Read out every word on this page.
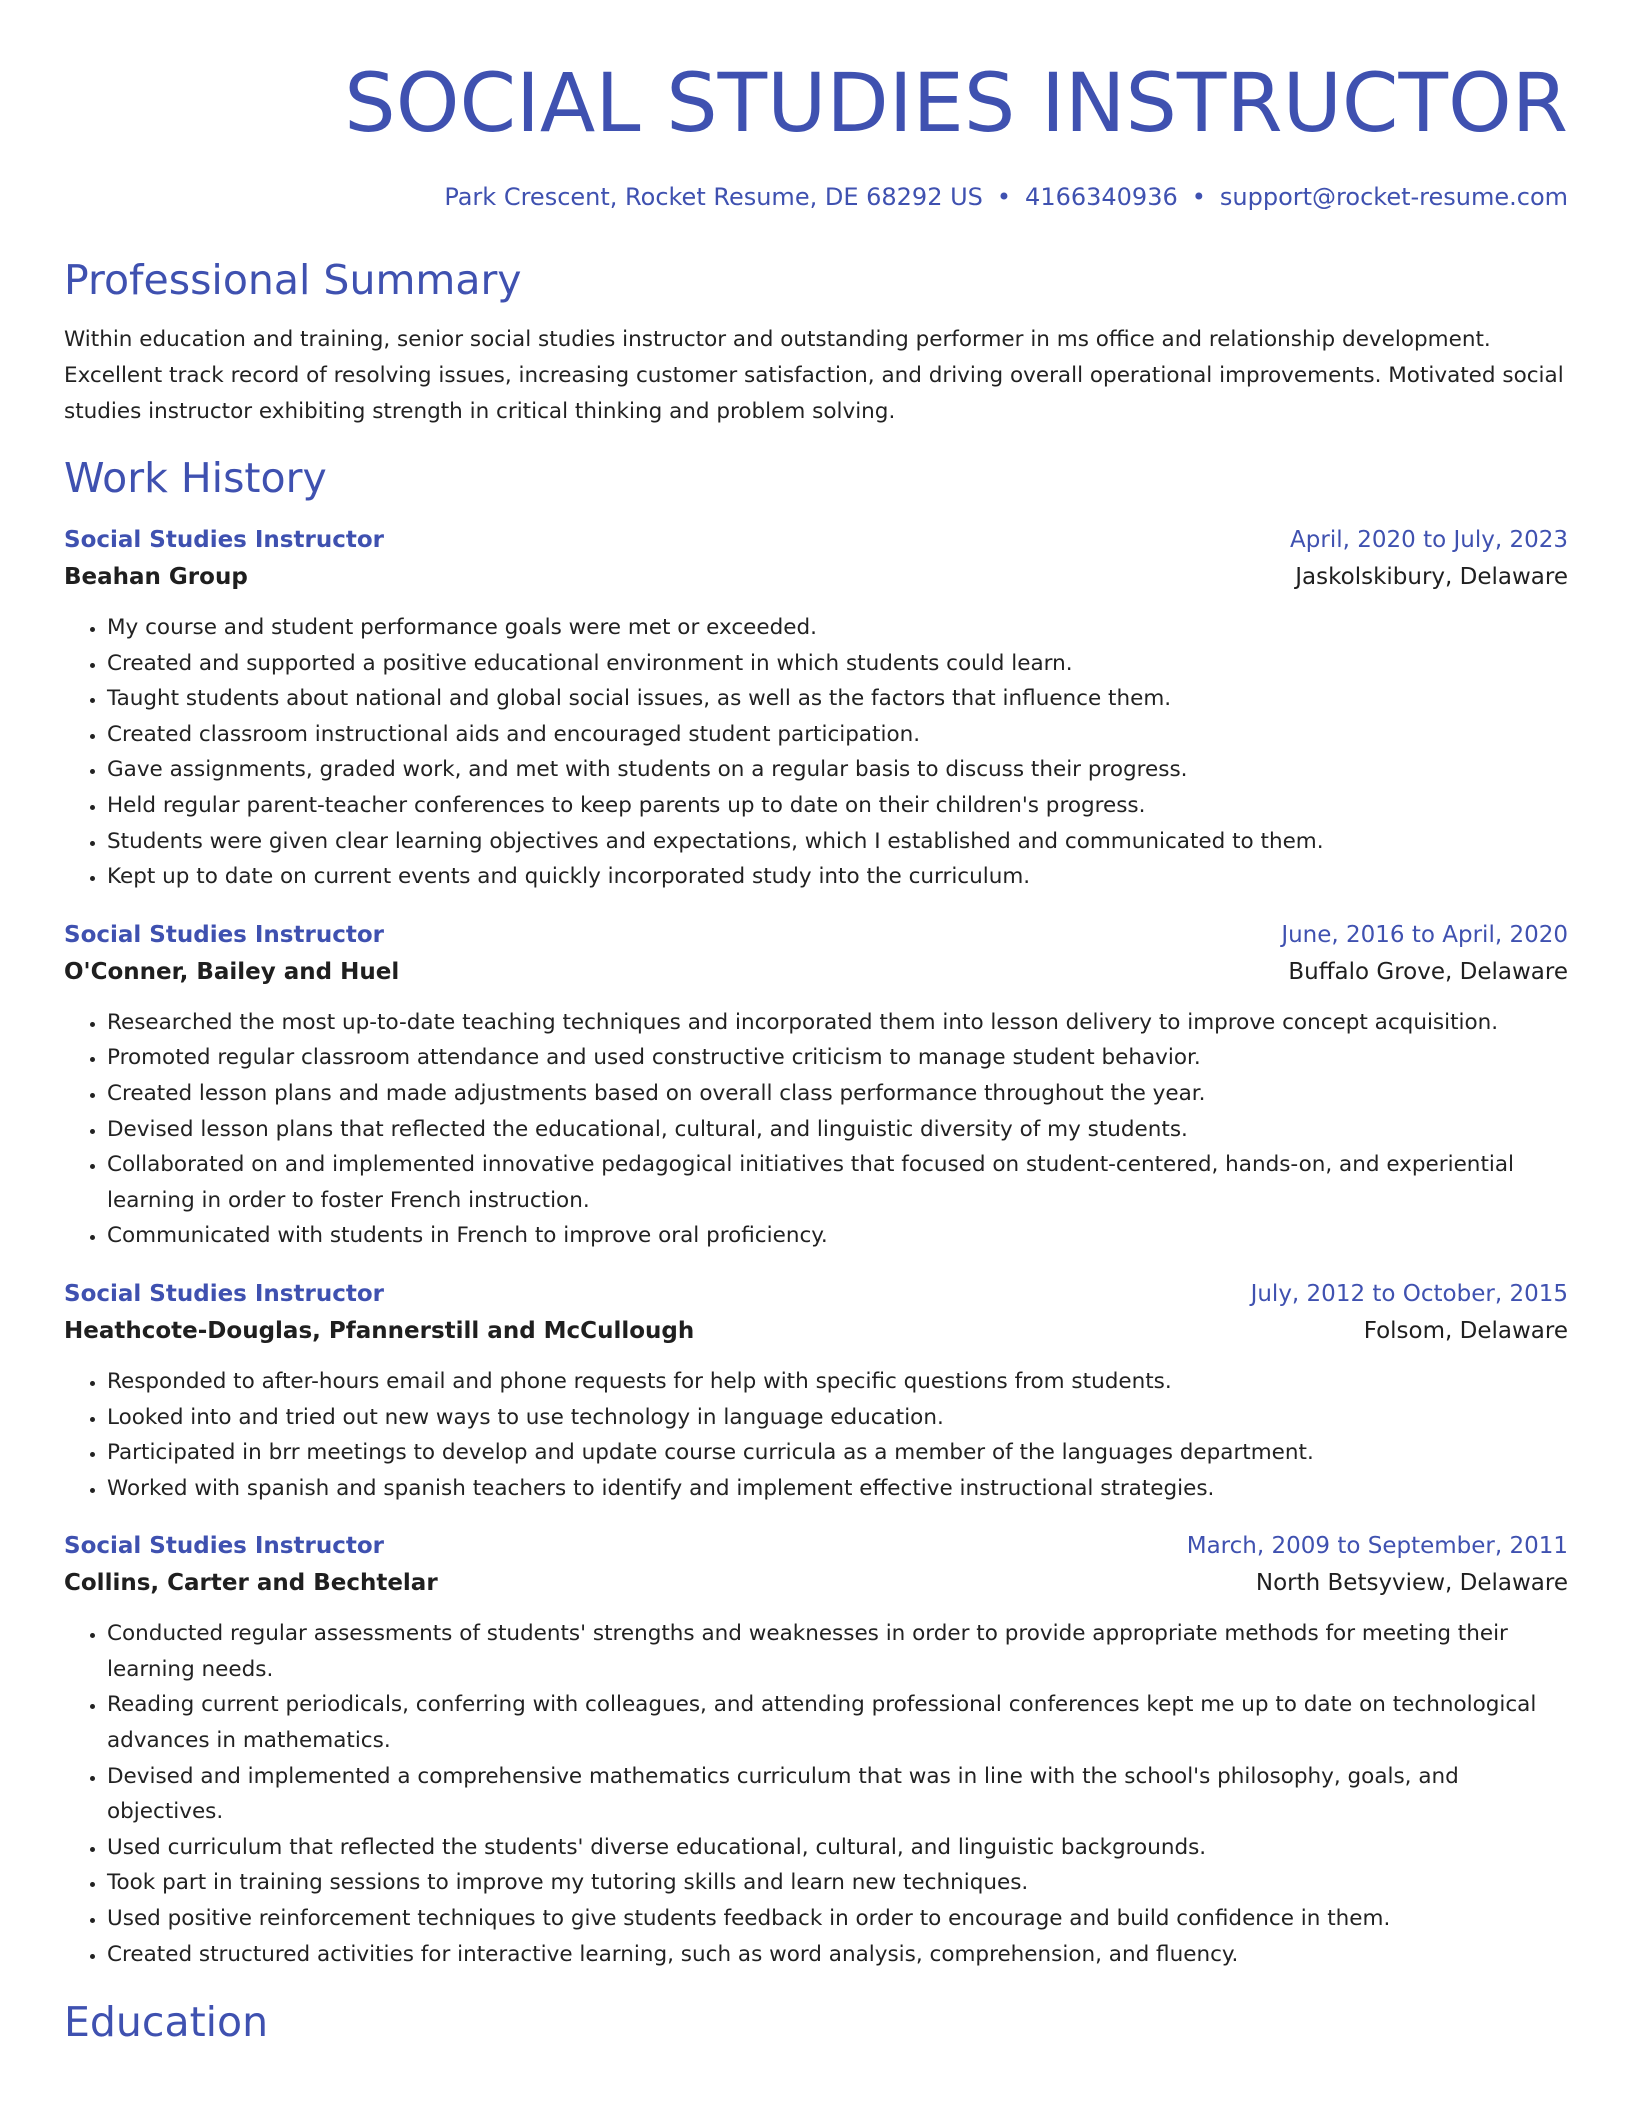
SOCIAL STUDIES INSTRUCTOR
Park Crescent, Rocket Resume, DE 68292 US • 4166340936 • support@rocket-resume.com
Professional Summary

Within education and training, senior social studies instructor and outstanding performer in ms office and relationship development. Excellent track record of resolving issues, increasing customer satisfaction, and driving overall operational improvements. Motivated social studies instructor exhibiting strength in critical thinking and problem solving.

Work History
Social Studies Instructor	April, 2020 to July, 2023
Beahan Group	Jaskolskibury, Delaware
• My course and student performance goals were met or exceeded.
• Created and supported a positive educational environment in which students could learn.
• Taught students about national and global social issues, as well as the factors that influence them.
• Created classroom instructional aids and encouraged student participation.
• Gave assignments, graded work, and met with students on a regular basis to discuss their progress.
• Held regular parent-teacher conferences to keep parents up to date on their children's progress.
• Students were given clear learning objectives and expectations, which I established and communicated to them.
• Kept up to date on current events and quickly incorporated study into the curriculum.
Social Studies Instructor	June, 2016 to April, 2020
O'Conner, Bailey and Huel	Buffalo Grove, Delaware
• Researched the most up-to-date teaching techniques and incorporated them into lesson delivery to improve concept acquisition.
• Promoted regular classroom attendance and used constructive criticism to manage student behavior.
• Created lesson plans and made adjustments based on overall class performance throughout the year.
• Devised lesson plans that reflected the educational, cultural, and linguistic diversity of my students.
• Collaborated on and implemented innovative pedagogical initiatives that focused on student-centered, hands-on, and experiential learning in order to foster French instruction.
• Communicated with students in French to improve oral proficiency.
Social Studies Instructor	July, 2012 to October, 2015
Heathcote-Douglas, Pfannerstill and McCullough	Folsom, Delaware
• Responded to after-hours email and phone requests for help with specific questions from students.
• Looked into and tried out new ways to use technology in language education.
• Participated in brr meetings to develop and update course curricula as a member of the languages department.
• Worked with spanish and spanish teachers to identify and implement effective instructional strategies.
Social Studies Instructor	March, 2009 to September, 2011
Collins, Carter and Bechtelar	North Betsyview, Delaware
• Conducted regular assessments of students' strengths and weaknesses in order to provide appropriate methods for meeting their learning needs.
• Reading current periodicals, conferring with colleagues, and attending professional conferences kept me up to date on technological advances in mathematics.
• Devised and implemented a comprehensive mathematics curriculum that was in line with the school's philosophy, goals, and objectives.
• Used curriculum that reflected the students' diverse educational, cultural, and linguistic backgrounds.
• Took part in training sessions to improve my tutoring skills and learn new techniques.
• Used positive reinforcement techniques to give students feedback in order to encourage and build confidence in them.
• Created structured activities for interactive learning, such as word analysis, comprehension, and fluency.
Education
